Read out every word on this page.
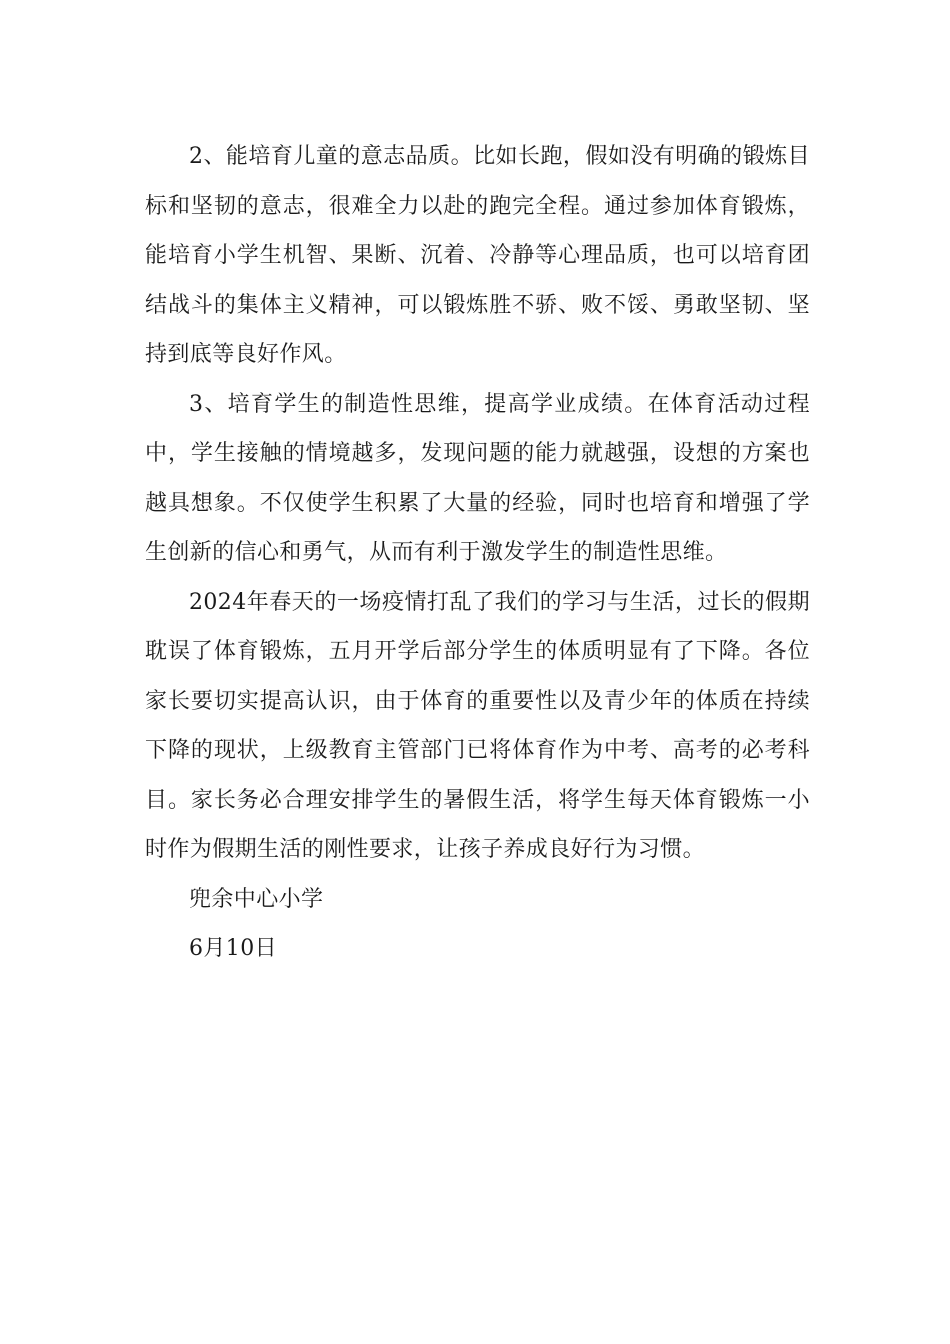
2、能培育儿童的意志品质。比如长跑，假如没有明确的锻炼目标和坚韧的意志，很难全力以赴的跑完全程。通过参加体育锻炼，能培育小学生机智、果断、沉着、冷静等心理品质，也可以培育团结战斗的集体主义精神，可以锻炼胜不骄、败不馁、勇敢坚韧、坚持到底等良好作风。

3、培育学生的制造性思维，提高学业成绩。在体育活动过程中，学生接触的情境越多，发现问题的能力就越强，设想的方案也越具想象。不仅使学生积累了大量的经验，同时也培育和增强了学生创新的信心和勇气，从而有利于激发学生的制造性思维。

2024年春天的一场疫情打乱了我们的学习与生活，过长的假期耽误了体育锻炼，五月开学后部分学生的体质明显有了下降。各位家长要切实提高认识，由于体育的重要性以及青少年的体质在持续下降的现状，上级教育主管部门已将体育作为中考、高考的必考科目。家长务必合理安排学生的暑假生活，将学生每天体育锻炼一小时作为假期生活的刚性要求，让孩子养成良好行为习惯。

兜余中心小学

6月10日
